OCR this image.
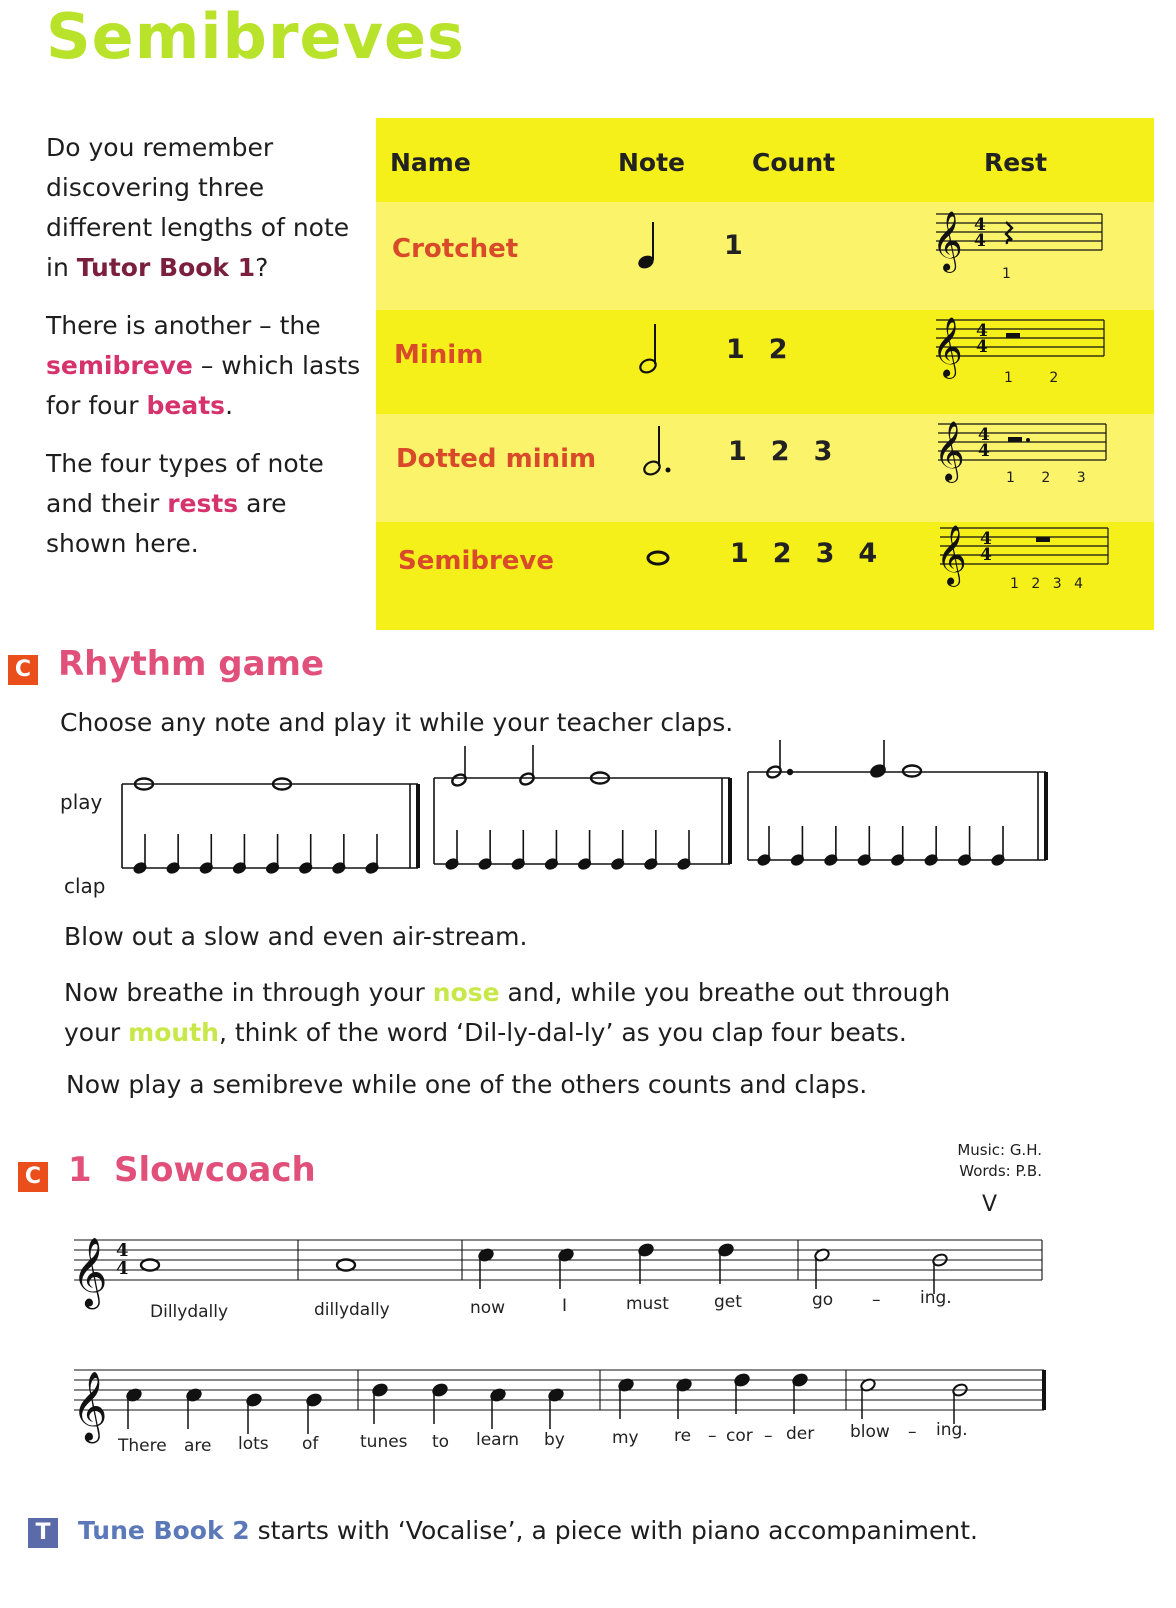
Semibreves

Do you remember discovering three different lengths of note in Tutor Book 1?

There is another – the semibreve – which lasts for four beats.

The four types of note and their rests are shown here.

Name	Note	Count	Rest
Crotchet	1
Minim	1 2
Dotted minim	1 2 3
Semibreve	1 2 3 4
𝄞
𝄞
𝄞
𝄞
4
4
4
4
4
4
4
4
1
1	2
1 2 3
1 2 3 4
C Rhythm game
Choose any note and play it while your teacher claps.
play
clap
Blow out a slow and even air-stream.
Now breathe in through your nose and, while you breathe out through
your mouth, think of the word ‘Dil-ly-dal-ly’ as you clap four beats.
Now play a semibreve while one of the others counts and claps.
C 1 Slowcoach	Music: G.H.
Words: P.B.
V
𝄞
𝄞
4
4
Dillydally	dillydally	now	I	must	get	go – ing.
There are lots of tunes to learn by	my re – cor – der blow – ing.
T	Tune Book 2 starts with ‘Vocalise’, a piece with piano accompaniment.
